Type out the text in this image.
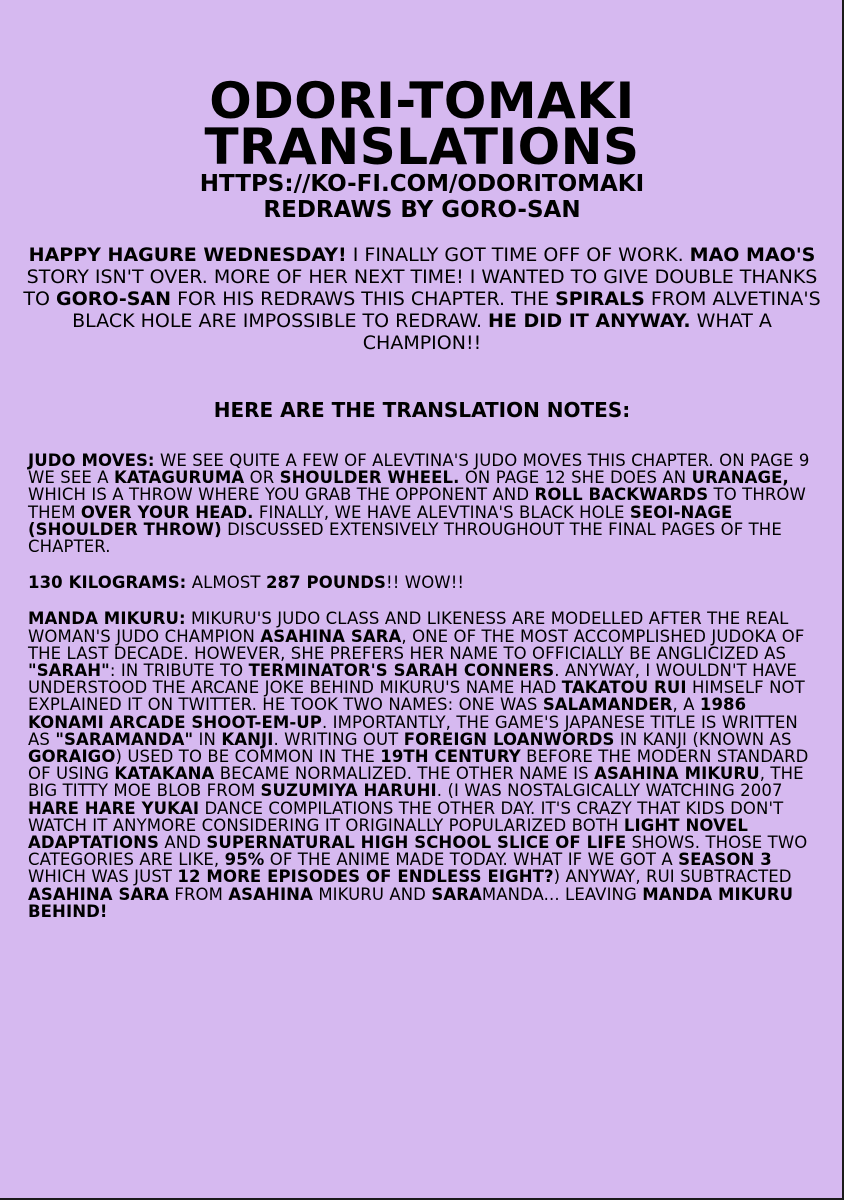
ODORI-TOMAKI
TRANSLATIONS
HTTPS://KO-FI.COM/ODORITOMAKI
REDRAWS BY GORO-SAN
HAPPY HAGURE WEDNESDAY! I FINALLY GOT TIME OFF OF WORK. MAO MAO'S STORY ISN'T OVER. MORE OF HER NEXT TIME! I WANTED TO GIVE DOUBLE THANKS TO GORO-SAN FOR HIS REDRAWS THIS CHAPTER. THE SPIRALS FROM ALVETINA'S BLACK HOLE ARE IMPOSSIBLE TO REDRAW. HE DID IT ANYWAY. WHAT A CHAMPION!!
HERE ARE THE TRANSLATION NOTES:

JUDO MOVES: WE SEE QUITE A FEW OF ALEVTINA'S JUDO MOVES THIS CHAPTER. ON PAGE 9 WE SEE A KATAGURUMA OR SHOULDER WHEEL. ON PAGE 12 SHE DOES AN URANAGE, WHICH IS A THROW WHERE YOU GRAB THE OPPONENT AND ROLL BACKWARDS TO THROW THEM OVER YOUR HEAD. FINALLY, WE HAVE ALEVTINA'S BLACK HOLE SEOI-NAGE (SHOULDER THROW) DISCUSSED EXTENSIVELY THROUGHOUT THE FINAL PAGES OF THE CHAPTER.

130 KILOGRAMS: ALMOST 287 POUNDS!! WOW!!

MANDA MIKURU: MIKURU'S JUDO CLASS AND LIKENESS ARE MODELLED AFTER THE REAL WOMAN'S JUDO CHAMPION ASAHINA SARA, ONE OF THE MOST ACCOMPLISHED JUDOKA OF THE LAST DECADE. HOWEVER, SHE PREFERS HER NAME TO OFFICIALLY BE ANGLICIZED AS "SARAH": IN TRIBUTE TO TERMINATOR'S SARAH CONNERS. ANYWAY, I WOULDN'T HAVE UNDERSTOOD THE ARCANE JOKE BEHIND MIKURU'S NAME HAD TAKATOU RUI HIMSELF NOT EXPLAINED IT ON TWITTER. HE TOOK TWO NAMES: ONE WAS SALAMANDER, A 1986 KONAMI ARCADE SHOOT-EM-UP. IMPORTANTLY, THE GAME'S JAPANESE TITLE IS WRITTEN AS "SARAMANDA" IN KANJI. WRITING OUT FOREIGN LOANWORDS IN KANJI (KNOWN AS GORAIGO) USED TO BE COMMON IN THE 19TH CENTURY BEFORE THE MODERN STANDARD OF USING KATAKANA BECAME NORMALIZED. THE OTHER NAME IS ASAHINA MIKURU, THE BIG TITTY MOE BLOB FROM SUZUMIYA HARUHI. (I WAS NOSTALGICALLY WATCHING 2007 HARE HARE YUKAI DANCE COMPILATIONS THE OTHER DAY. IT'S CRAZY THAT KIDS DON'T WATCH IT ANYMORE CONSIDERING IT ORIGINALLY POPULARIZED BOTH LIGHT NOVEL ADAPTATIONS AND SUPERNATURAL HIGH SCHOOL SLICE OF LIFE SHOWS. THOSE TWO CATEGORIES ARE LIKE, 95% OF THE ANIME MADE TODAY. WHAT IF WE GOT A SEASON 3 WHICH WAS JUST 12 MORE EPISODES OF ENDLESS EIGHT?) ANYWAY, RUI SUBTRACTED ASAHINA SARA FROM ASAHINA MIKURU AND SARAMANDA... LEAVING MANDA MIKURU BEHIND!
